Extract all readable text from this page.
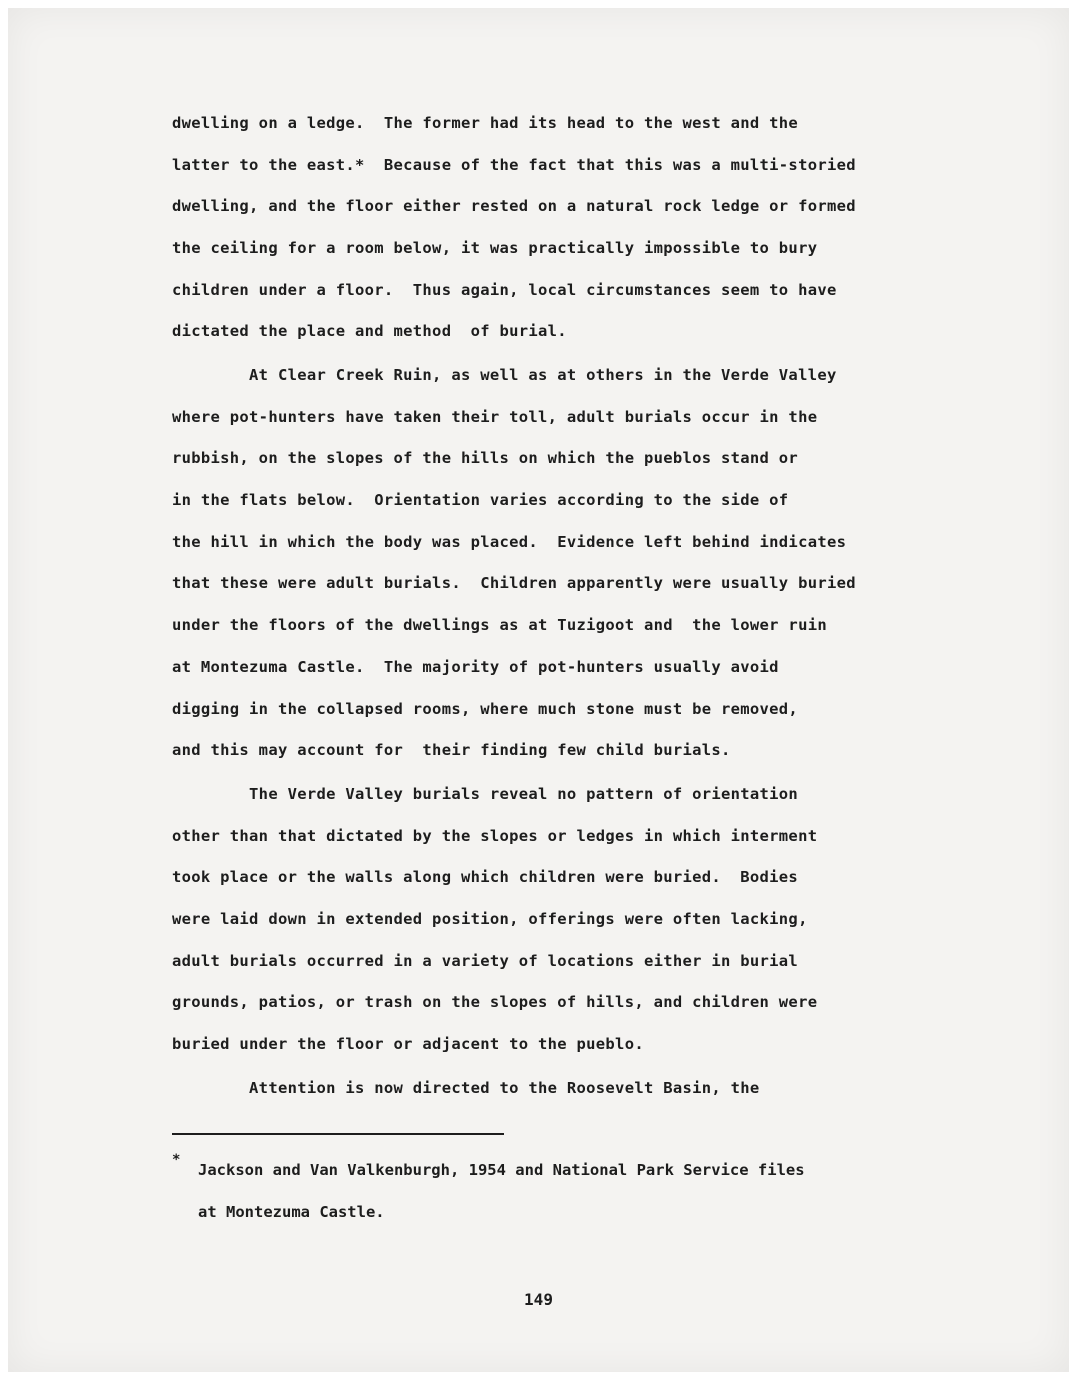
dwelling on a ledge.  The former had its head to the west and the
latter to the east.*  Because of the fact that this was a multi-storied
dwelling, and the floor either rested on a natural rock ledge or formed
the ceiling for a room below, it was practically impossible to bury
children under a floor.  Thus again, local circumstances seem to have
dictated the place and method  of burial.
At Clear Creek Ruin, as well as at others in the Verde Valley
where pot-hunters have taken their toll, adult burials occur in the
rubbish, on the slopes of the hills on which the pueblos stand or
in the flats below.  Orientation varies according to the side of
the hill in which the body was placed.  Evidence left behind indicates
that these were adult burials.  Children apparently were usually buried
under the floors of the dwellings as at Tuzigoot and  the lower ruin
at Montezuma Castle.  The majority of pot-hunters usually avoid
digging in the collapsed rooms, where much stone must be removed,
and this may account for  their finding few child burials.
The Verde Valley burials reveal no pattern of orientation
other than that dictated by the slopes or ledges in which interment
took place or the walls along which children were buried.  Bodies
were laid down in extended position, offerings were often lacking,
adult burials occurred in a variety of locations either in burial
grounds, patios, or trash on the slopes of hills, and children were
buried under the floor or adjacent to the pueblo.
Attention is now directed to the Roosevelt Basin, the
*
Jackson and Van Valkenburgh, 1954 and National Park Service files
at Montezuma Castle.
149
